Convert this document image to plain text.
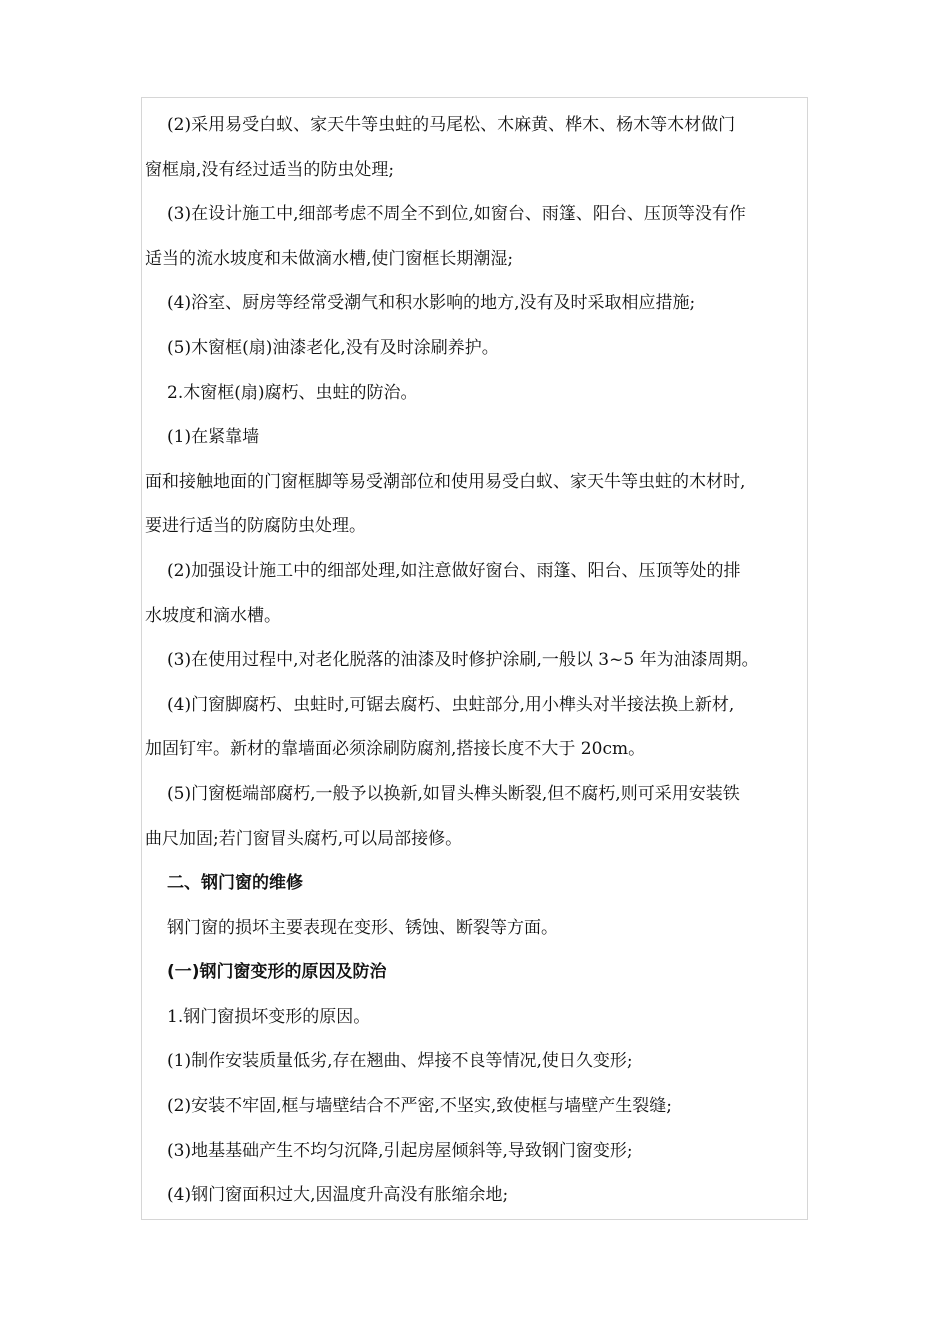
(2)采用易受白蚁、家天牛等虫蛀的马尾松、木麻黄、桦木、杨木等木材做门
窗框扇,没有经过适当的防虫处理;
(3)在设计施工中,细部考虑不周全不到位,如窗台、雨篷、阳台、压顶等没有作
适当的流水坡度和未做滴水槽,使门窗框长期潮湿;
(4)浴室、厨房等经常受潮气和积水影响的地方,没有及时采取相应措施;
(5)木窗框(扇)油漆老化,没有及时涂刷养护。
2.木窗框(扇)腐朽、虫蛀的防治。
(1)在紧靠墙
面和接触地面的门窗框脚等易受潮部位和使用易受白蚁、家天牛等虫蛀的木材时,
要进行适当的防腐防虫处理。
(2)加强设计施工中的细部处理,如注意做好窗台、雨篷、阳台、压顶等处的排
水坡度和滴水槽。
(3)在使用过程中,对老化脱落的油漆及时修护涂刷,一般以 3~5 年为油漆周期。
(4)门窗脚腐朽、虫蛀时,可锯去腐朽、虫蛀部分,用小榫头对半接法换上新材,
加固钉牢。新材的靠墙面必须涂刷防腐剂,搭接长度不大于 20cm。
(5)门窗梃端部腐朽,一般予以换新,如冒头榫头断裂,但不腐朽,则可采用安装铁
曲尺加固;若门窗冒头腐朽,可以局部接修。
二、钢门窗的维修
钢门窗的损坏主要表现在变形、锈蚀、断裂等方面。
(一)钢门窗变形的原因及防治
1.钢门窗损坏变形的原因。
(1)制作安装质量低劣,存在翘曲、焊接不良等情况,使日久变形;
(2)安装不牢固,框与墙壁结合不严密,不坚实,致使框与墙壁产生裂缝;
(3)地基基础产生不均匀沉降,引起房屋倾斜等,导致钢门窗变形;
(4)钢门窗面积过大,因温度升高没有胀缩余地;
